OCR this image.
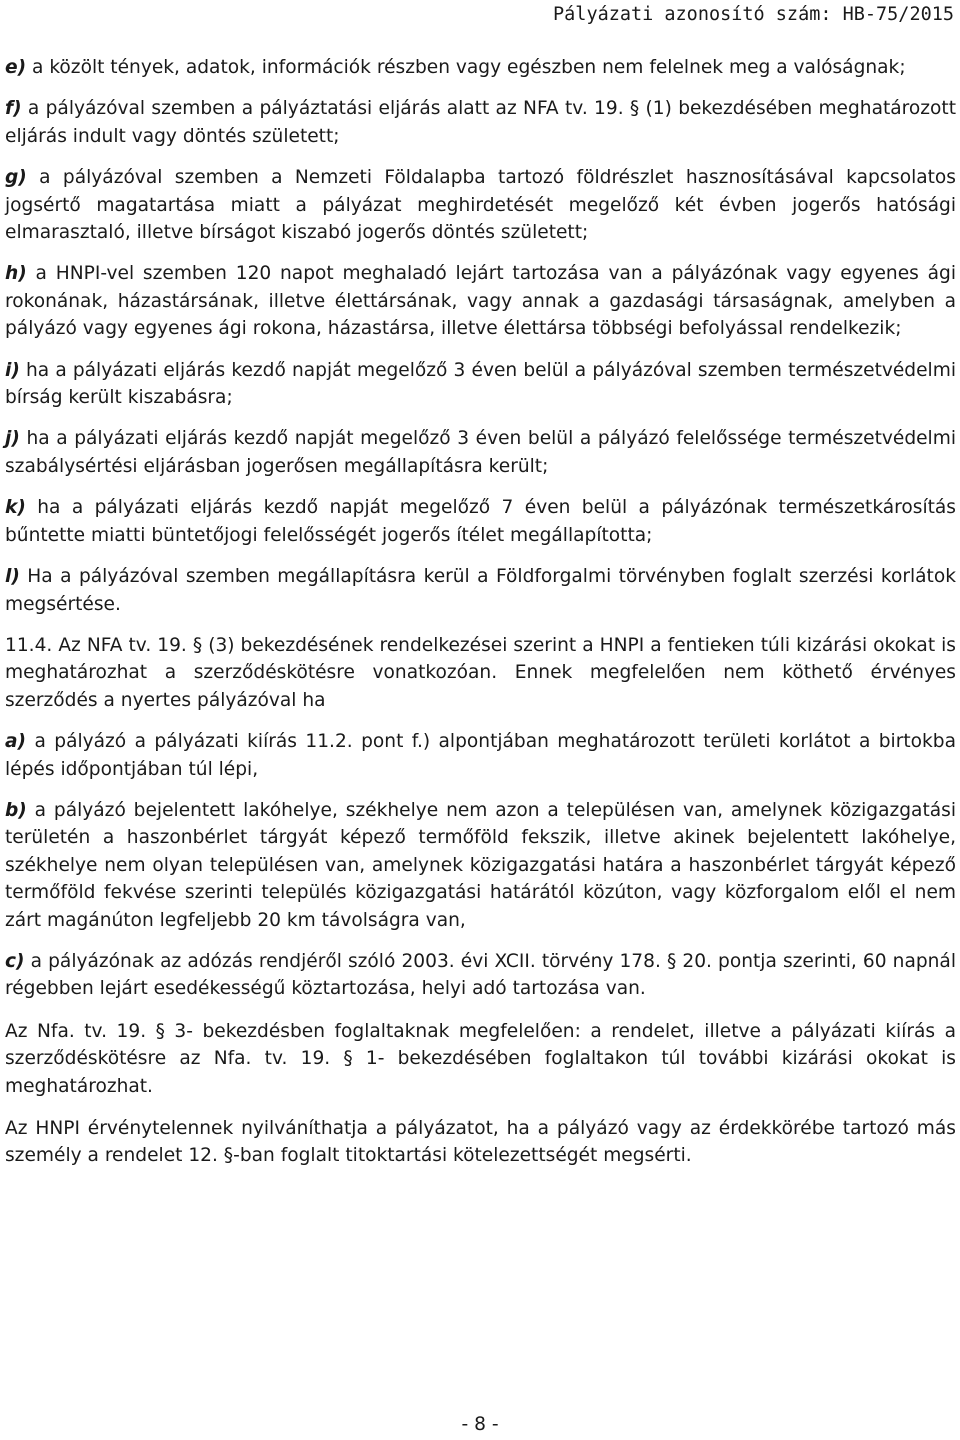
Pályázati azonosító szám: HB-75/2015

e) a közölt tények, adatok, információk részben vagy egészben nem felelnek meg a valóságnak;

f) a pályázóval szemben a pályáztatási eljárás alatt az NFA tv. 19. § (1) bekezdésében meghatározott eljárás indult vagy döntés született;

g) a pályázóval szemben a Nemzeti Földalapba tartozó földrészlet hasznosításával kapcsolatos jogsértő magatartása miatt a pályázat meghirdetését megelőző két évben jogerős hatósági elmarasztaló, illetve bírságot kiszabó jogerős döntés született;

h) a HNPI-vel szemben 120 napot meghaladó lejárt tartozása van a pályázónak vagy egyenes ági rokonának, házastársának, illetve élettársának, vagy annak a gazdasági társaságnak, amelyben a pályázó vagy egyenes ági rokona, házastársa, illetve élettársa többségi befolyással rendelkezik;

i) ha a pályázati eljárás kezdő napját megelőző 3 éven belül a pályázóval szemben természetvédelmi bírság került kiszabásra;

j) ha a pályázati eljárás kezdő napját megelőző 3 éven belül a pályázó felelőssége természetvédelmi szabálysértési eljárásban jogerősen megállapításra került;

k) ha a pályázati eljárás kezdő napját megelőző 7 éven belül a pályázónak természetkárosítás bűntette miatti büntetőjogi felelősségét jogerős ítélet megállapította;

l) Ha a pályázóval szemben megállapításra kerül a Földforgalmi törvényben foglalt szerzési korlátok megsértése.

11.4. Az NFA tv. 19. § (3) bekezdésének rendelkezései szerint a HNPI a fentieken túli kizárási okokat is meghatározhat a szerződéskötésre vonatkozóan. Ennek megfelelően nem köthető érvényes szerződés a nyertes pályázóval ha

a) a pályázó a pályázati kiírás 11.2. pont f.) alpontjában meghatározott területi korlátot a birtokba lépés időpontjában túl lépi,

b) a pályázó bejelentett lakóhelye, székhelye nem azon a településen van, amelynek közigazgatási területén a haszonbérlet tárgyát képező termőföld fekszik, illetve akinek bejelentett lakóhelye, székhelye nem olyan településen van, amelynek közigazgatási határa a haszonbérlet tárgyát képező termőföld fekvése szerinti település közigazgatási határától közúton, vagy közforgalom elől el nem zárt magánúton legfeljebb 20 km távolságra van,

c) a pályázónak az adózás rendjéről szóló 2003. évi XCII. törvény 178. § 20. pontja szerinti, 60 napnál régebben lejárt esedékességű köztartozása, helyi adó tartozása van.

Az Nfa. tv. 19. § 3- bekezdésben foglaltaknak megfelelően: a rendelet, illetve a pályázati kiírás a szerződéskötésre az Nfa. tv. 19. § 1- bekezdésében foglaltakon túl további kizárási okokat is meghatározhat.

Az HNPI érvénytelennek nyilváníthatja a pályázatot, ha a pályázó vagy az érdekkörébe tartozó más személy a rendelet 12. §-ban foglalt titoktartási kötelezettségét megsérti.

- 8 -
